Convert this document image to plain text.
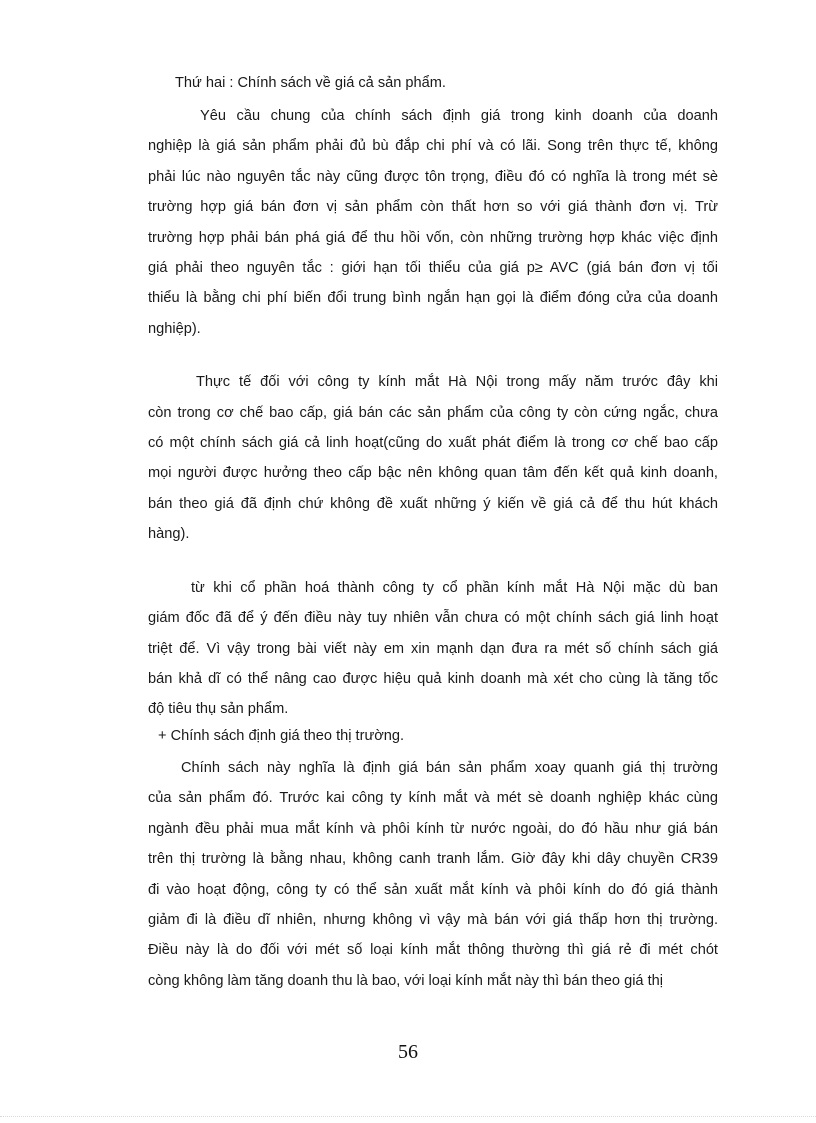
Thứ hai : Chính sách về giá cả sản phẩm.
Yêu cầu chung của chính sách định giá trong kinh doanh của doanh
nghiệp là giá sản phẩm phải đủ bù đắp chi phí và có lãi. Song trên thực tế, không
phải lúc nào nguyên tắc này cũng được tôn trọng, điều đó có nghĩa là trong mét sè
trường hợp giá bán đơn vị sản phẩm còn thất hơn so với giá thành đơn vị. Trừ
trường hợp phải bán phá giá để thu hồi vốn, còn những trường hợp khác việc định
giá phải theo nguyên tắc : giới hạn tối thiểu của giá p≥ AVC (giá bán đơn vị tối
thiểu là bằng chi phí biến đổi trung bình ngắn hạn gọi là điểm đóng cửa của doanh
nghiệp).
Thực tế đối với công ty kính mắt Hà Nội trong mấy năm trước đây khi
còn trong cơ chế bao cấp, giá bán các sản phẩm của công ty còn cứng ngắc, chưa
có một chính sách giá cả linh hoạt(cũng do xuất phát điểm là trong cơ chế bao cấp
mọi người được hưởng theo cấp bậc nên không quan tâm đến kết quả kinh doanh,
bán theo giá đã định chứ không đề xuất những ý kiến về giá cả để thu hút khách
hàng).
từ khi cổ phần hoá thành công ty cổ phần kính mắt Hà Nội mặc dù ban
giám đốc đã để ý đến điều này tuy nhiên vẫn chưa có một chính sách giá linh hoạt
triệt để. Vì vậy trong bài viết này em xin mạnh dạn đưa ra mét số chính sách giá
bán khả dĩ có thể nâng cao được hiệu quả kinh doanh mà xét cho cùng là tăng tốc
độ tiêu thụ sản phẩm.
+ Chính sách định giá theo thị trường.
Chính sách này nghĩa là định giá bán sản phẩm xoay quanh giá thị trường
của sản phẩm đó. Trước kai công ty kính mắt và mét sè doanh nghiệp khác cùng
ngành đều phải mua mắt kính và phôi kính từ nước ngoài, do đó hầu như giá bán
trên thị trường là bằng nhau, không canh tranh lắm. Giờ đây khi dây chuyền CR39
đi vào hoạt động, công ty có thể sản xuất mắt kính và phôi kính do đó giá thành
giảm đi là điều dĩ nhiên, nhưng không vì vậy mà bán với giá thấp hơn thị trường.
Điều này là do đối với mét số loại kính mắt thông thường thì giá rẻ đi mét chót
còng không làm tăng doanh thu là bao, với loại kính mắt này thì bán theo giá thị
56
